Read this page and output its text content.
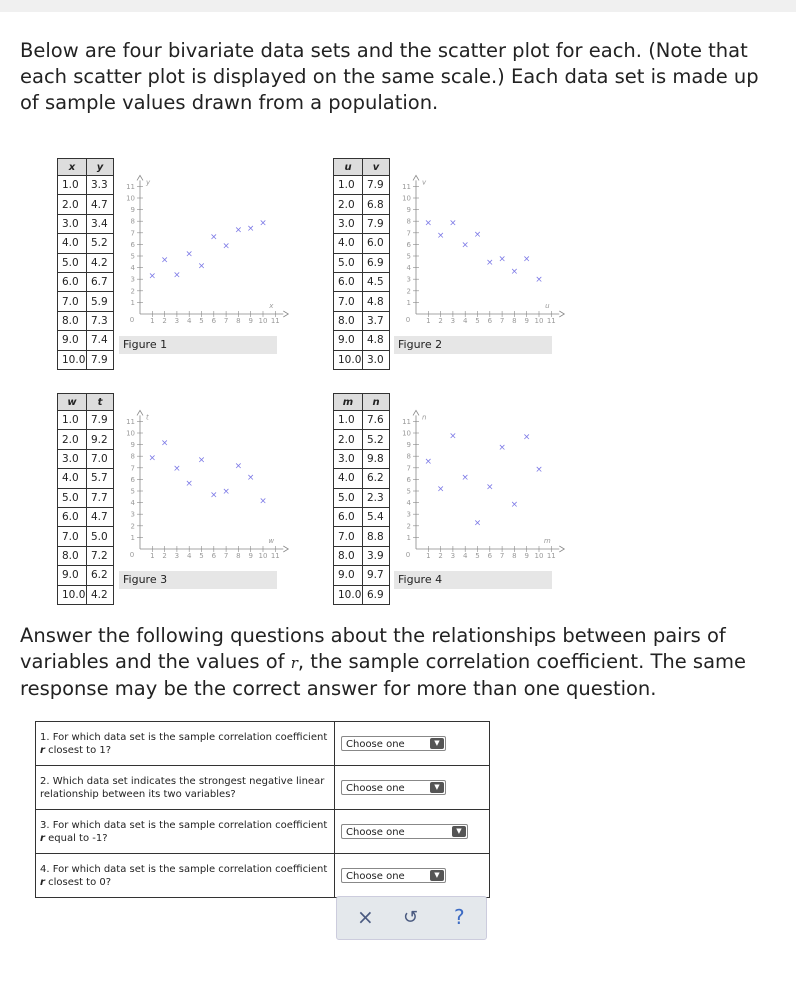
Below are four bivariate data sets and the scatter plot for each. (Note that each scatter plot is displayed on the same scale.) Each data set is made up of sample values drawn from a population.

x	y
1.0	3.3
2.0	4.7
3.0	3.4
4.0	5.2
5.0	4.2
6.0	6.7
7.0	5.9
8.0	7.3
9.0	7.4
10.0	7.9
1
1
2
2
3
3
4
4
5
5
6
6
7
7
8
8
9
9
10
10
11
11
0
x
y
×
×
×
×
×
×
×
× ×
×
Figure 1
u	v
1.0	7.9
2.0	6.8
3.0	7.9
4.0	6.0
5.0	6.9
6.0	4.5
7.0	4.8
8.0	3.7
9.0	4.8
10.0	3.0
1
1
2
2
3
3
4
4
5
5
6
6
7
7
8
8
9
9
10
10
11
11
0
u
v
×
×
×
×
×
× ×
×
×
×
Figure 2
w	t
1.0	7.9
2.0	9.2
3.0	7.0
4.0	5.7
5.0	7.7
6.0	4.7
7.0	5.0
8.0	7.2
9.0	6.2
10.0	4.2
1
1
2
2
3
3
4
4
5
5
6
6
7
7
8
8
9
9
10
10
11
11
0
w
t
×
×
×
×
×
× ×
×
×
×
Figure 3
m	n
1.0	7.6
2.0	5.2
3.0	9.8
4.0	6.2
5.0	2.3
6.0	5.4
7.0	8.8
8.0	3.9
9.0	9.7
10.0	6.9
1
1
2
2
3
3
4
4
5
5
6
6
7
7
8
8
9
9
10
10
11
11
0
m
n
×
×
×
×
×
×
×
×
×
×
Figure 4

Answer the following questions about the relationships between pairs of variables and the values of r, the sample correlation coefficient. The same response may be the correct answer for more than one question.

1. For which data set is the sample correlation coefficient r closest to 1?	Choose one ▼

2. Which data set indicates the strongest negative linear relationship between its two variables?	Choose one ▼

3. For which data set is the sample correlation coefficient r equal to -1?	Choose one ▼

4. For which data set is the sample correlation coefficient r closest to 0?	Choose one ▼
× ↺ ?
